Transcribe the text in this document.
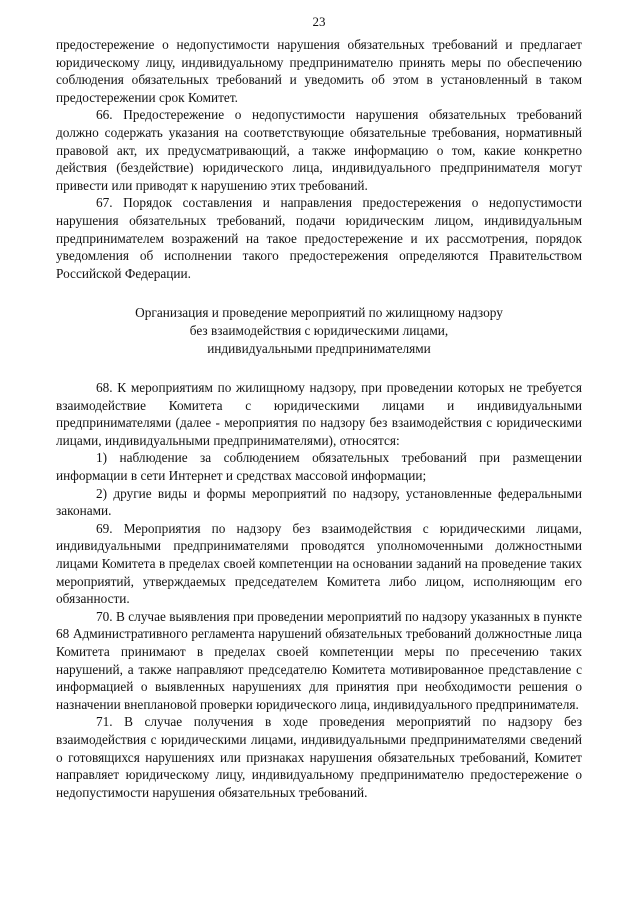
23

предостережение о недопустимости нарушения обязательных требований и предлагает юридическому лицу, индивидуальному предпринимателю принять меры по обеспечению соблюдения обязательных требований и уведомить об этом в установленный в таком предостережении срок Комитет.

66. Предостережение о недопустимости нарушения обязательных требований должно содержать указания на соответствующие обязательные требования, нормативный правовой акт, их предусматривающий, а также информацию о том, какие конкретно действия (бездействие) юридического лица, индивидуального предпринимателя могут привести или приводят к нарушению этих требований.

67. Порядок составления и направления предостережения о недопустимости нарушения обязательных требований, подачи юридическим лицом, индивидуальным предпринимателем возражений на такое предостережение и их рассмотрения, порядок уведомления об исполнении такого предостережения определяются Правительством Российской Федерации.

Организация и проведение мероприятий по жилищному надзору
без взаимодействия с юридическими лицами,
индивидуальными предпринимателями

68. К мероприятиям по жилищному надзору, при проведении которых не требуется взаимодействие Комитета с юридическими лицами и индивидуальными предпринимателями (далее - мероприятия по надзору без взаимодействия с юридическими лицами, индивидуальными предпринимателями), относятся:

1) наблюдение за соблюдением обязательных требований при размещении информации в сети Интернет и средствах массовой информации;

2) другие виды и формы мероприятий по надзору, установленные федеральными законами.

69. Мероприятия по надзору без взаимодействия с юридическими лицами, индивидуальными предпринимателями проводятся уполномоченными должностными лицами Комитета в пределах своей компетенции на основании заданий на проведение таких мероприятий, утверждаемых председателем Комитета либо лицом, исполняющим его обязанности.

70. В случае выявления при проведении мероприятий по надзору указанных в пункте 68 Административного регламента нарушений обязательных требований должностные лица Комитета принимают в пределах своей компетенции меры по пресечению таких нарушений, а также направляют председателю Комитета мотивированное представление с информацией о выявленных нарушениях для принятия при необходимости решения о назначении внеплановой проверки юридического лица, индивидуального предпринимателя.

71. В случае получения в ходе проведения мероприятий по надзору без взаимодействия с юридическими лицами, индивидуальными предпринимателями сведений о готовящихся нарушениях или признаках нарушения обязательных требований, Комитет направляет юридическому лицу, индивидуальному предпринимателю предостережение о недопустимости нарушения обязательных требований.
